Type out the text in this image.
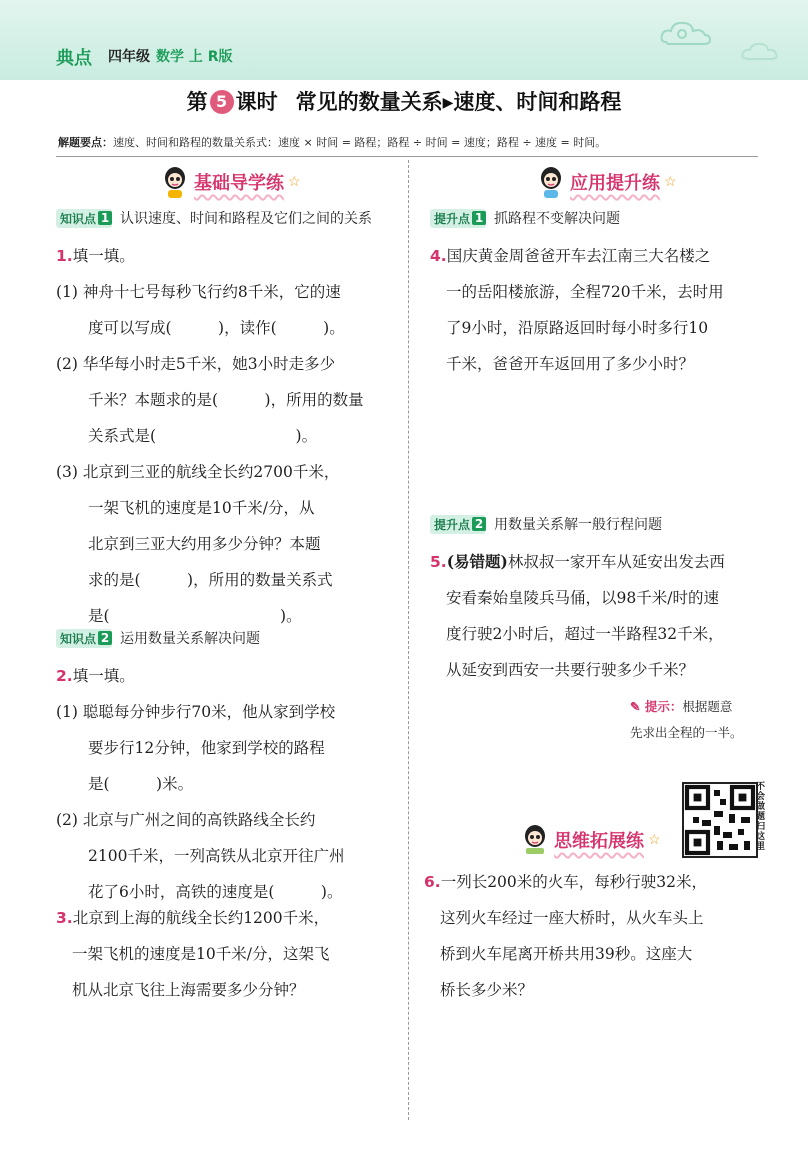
典点 四年级 数学 上 R版
第 5 课时 常见的数量关系▶速度、时间和路程
解题要点：速度、时间和路程的数量关系式：速度 × 时间 = 路程；路程 ÷ 时间 = 速度；路程 ÷ 速度 = 时间。
基础导学练 ☆
知识点 1 认识速度、时间和路程及它们之间的关系
1.填一填。
(1) 神舟十七号每秒飞行约8千米，它的速
度可以写成(　　　)，读作(　　　)。
(2) 华华每小时走5千米，她3小时走多少
千米？本题求的是(　　　)，所用的数量
关系式是(　　　　　　　　　)。
(3) 北京到三亚的航线全长约2700千米，
一架飞机的速度是10千米/分，从
北京到三亚大约用多少分钟？本题
求的是(　　　)，所用的数量关系式
是(　　　　　　　　　　　)。
知识点 2 运用数量关系解决问题
2.填一填。
(1) 聪聪每分钟步行70米，他从家到学校
要步行12分钟，他家到学校的路程
是(　　　)米。
(2) 北京与广州之间的高铁路线全长约
2100千米，一列高铁从北京开往广州
花了6小时，高铁的速度是(　　　)。
3.北京到上海的航线全长约1200千米，
一架飞机的速度是10千米/分，这架飞
机从北京飞往上海需要多少分钟？
应用提升练 ☆
提升点 1 抓路程不变解决问题
4.国庆黄金周爸爸开车去江南三大名楼之
一的岳阳楼旅游，全程720千米，去时用
了9小时，沿原路返回时每小时多行10
千米，爸爸开车返回用了多少小时？
提升点 2 用数量关系解一般行程问题
5.(易错题)林叔叔一家开车从延安出发去西
安看秦始皇陵兵马俑，以98千米/时的速
度行驶2小时后，超过一半路程32千米，
从延安到西安一共要行驶多少千米？
✎ 提示：根据题意
先求出全程的一半。
不会做题扫这里
思维拓展练 ☆
6.一列长200米的火车，每秒行驶32米，
这列火车经过一座大桥时，从火车头上
桥到火车尾离开桥共用39秒。这座大
桥长多少米？
